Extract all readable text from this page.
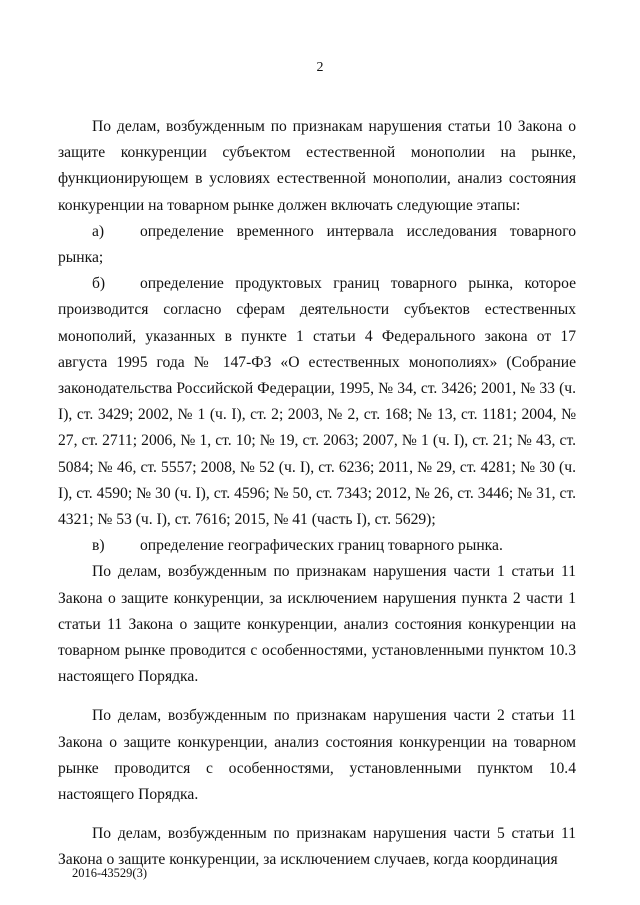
2

По делам, возбужденным по признакам нарушения статьи 10 Закона о защите конкуренции субъектом естественной монополии на рынке, функционирующем в условиях естественной монополии, анализ состояния конкуренции на товарном рынке должен включать следующие этапы:

а) определение временного интервала исследования товарного рынка;

б) определение продуктовых границ товарного рынка, которое производится согласно сферам деятельности субъектов естественных монополий, указанных в пункте 1 статьи 4 Федерального закона от 17 августа 1995 года № 147-ФЗ «О естественных монополиях» (Собрание законодательства Российской Федерации, 1995, № 34, ст. 3426; 2001, № 33 (ч. I), ст. 3429; 2002, № 1 (ч. I), ст. 2; 2003, № 2, ст. 168; № 13, ст. 1181; 2004, № 27, ст. 2711; 2006, № 1, ст. 10; № 19, ст. 2063; 2007, № 1 (ч. I), ст. 21; № 43, ст. 5084; № 46, ст. 5557; 2008, № 52 (ч. I), ст. 6236; 2011, № 29, ст. 4281; № 30 (ч. I), ст. 4590; № 30 (ч. I), ст. 4596; № 50, ст. 7343; 2012, № 26, ст. 3446; № 31, ст. 4321; № 53 (ч. I), ст. 7616; 2015, № 41 (часть I), ст. 5629);

в) определение географических границ товарного рынка.

По делам, возбужденным по признакам нарушения части 1 статьи 11 Закона о защите конкуренции, за исключением нарушения пункта 2 части 1 статьи 11 Закона о защите конкуренции, анализ состояния конкуренции на товарном рынке проводится с особенностями, установленными пунктом 10.3 настоящего Порядка.

По делам, возбужденным по признакам нарушения части 2 статьи 11 Закона о защите конкуренции, анализ состояния конкуренции на товарном рынке проводится с особенностями, установленными пунктом 10.4 настоящего Порядка.

По делам, возбужденным по признакам нарушения части 5 статьи 11 Закона о защите конкуренции, за исключением случаев, когда координация

2016-43529(3)
